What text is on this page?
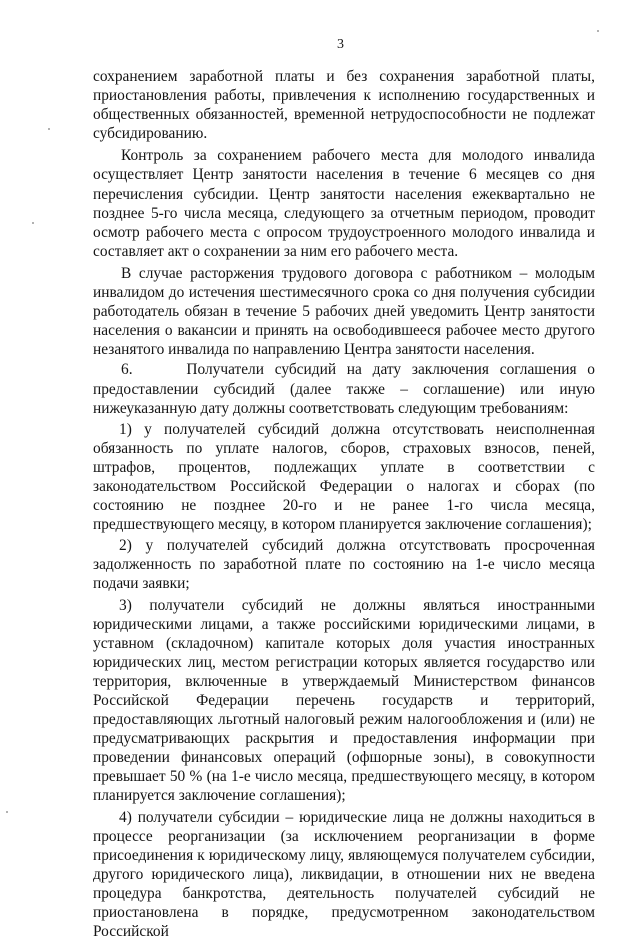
3

сохранением заработной платы и без сохранения заработной платы, приостановления работы, привлечения к исполнению государственных и общественных обязанностей, временной нетрудоспособности не подлежат субсидированию.

Контроль за сохранением рабочего места для молодого инвалида осуществляет Центр занятости населения в течение 6 месяцев со дня перечисления субсидии. Центр занятости населения ежеквартально не позднее 5-го числа месяца, следующего за отчетным периодом, проводит осмотр рабочего места с опросом трудоустроенного молодого инвалида и составляет акт о сохранении за ним его рабочего места.

В случае расторжения трудового договора с работником – молодым инвалидом до истечения шестимесячного срока со дня получения субсидии работодатель обязан в течение 5 рабочих дней уведомить Центр занятости населения о вакансии и принять на освободившееся рабочее место другого незанятого инвалида по направлению Центра занятости населения.

6.     Получатели субсидий на дату заключения соглашения о предоставлении субсидий (далее также – соглашение) или иную нижеуказанную дату должны соответствовать следующим требованиям:

1) у получателей субсидий должна отсутствовать неисполненная обязанность по уплате налогов, сборов, страховых взносов, пеней, штрафов, процентов, подлежащих уплате в соответствии с законодательством Российской Федерации о налогах и сборах (по состоянию не позднее 20-го и не ранее 1-го числа месяца, предшествующего месяцу, в котором планируется заключение соглашения);

2) у получателей субсидий должна отсутствовать просроченная задолженность по заработной плате по состоянию на 1-е число месяца подачи заявки;

3) получатели субсидий не должны являться иностранными юридическими лицами, а также российскими юридическими лицами, в уставном (складочном) капитале которых доля участия иностранных юридических лиц, местом регистрации которых является государство или территория, включенные в утверждаемый Министерством финансов Российской Федерации перечень государств и территорий, предоставляющих льготный налоговый режим налогообложения и (или) не предусматривающих раскрытия и предоставления информации при проведении финансовых операций (офшорные зоны), в совокупности превышает 50 % (на 1-е число месяца, предшествующего месяцу, в котором планируется заключение соглашения);

4) получатели субсидии – юридические лица не должны находиться в процессе реорганизации (за исключением реорганизации в форме присоединения к юридическому лицу, являющемуся получателем субсидии, другого юридического лица), ликвидации, в отношении них не введена процедура банкротства, деятельность получателей субсидий не приостановлена в порядке, предусмотренном законодательством Российской
